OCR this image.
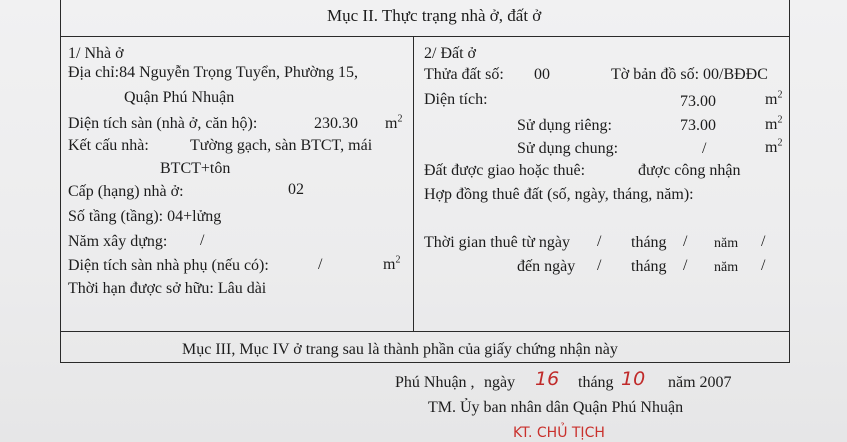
Mục II. Thực trạng nhà ở, đất ở
1/ Nhà ở
Địa chỉ:84 Nguyễn Trọng Tuyển, Phường 15,
Quận Phú Nhuận
Diện tích sàn (nhà ở, căn hộ):	230.30 $m^2$
Kết cấu nhà:	Tường gạch, sàn BTCT, mái
BTCT+tôn
Cấp (hạng) nhà ở:	02
Số tầng (tầng): 04+lửng
Năm xây dựng: /
Diện tích sàn nhà phụ (nếu có):	/	$m^2$
Thời hạn được sở hữu: Lâu dài
2/ Đất ở
Thửa đất số: 00	Tờ bản đồ số: 00/BĐĐC
Diện tích:	73.00	$m^2$
Sử dụng riêng:	73.00	$m^2$
Sử dụng chung:	/	$m^2$
Đất được giao hoặc thuê:	được công nhận
Hợp đồng thuê đất (số, ngày, tháng, năm):
Thời gian thuê từ ngày / tháng / năm /
đến ngày / tháng / năm /
Mục III, Mục IV ở trang sau là thành phần của giấy chứng nhận này
Phú Nhuận , ngày 16 tháng 10 năm 2007
TM. Ủy ban nhân dân Quận Phú Nhuận
KT. CHỦ TỊCH
